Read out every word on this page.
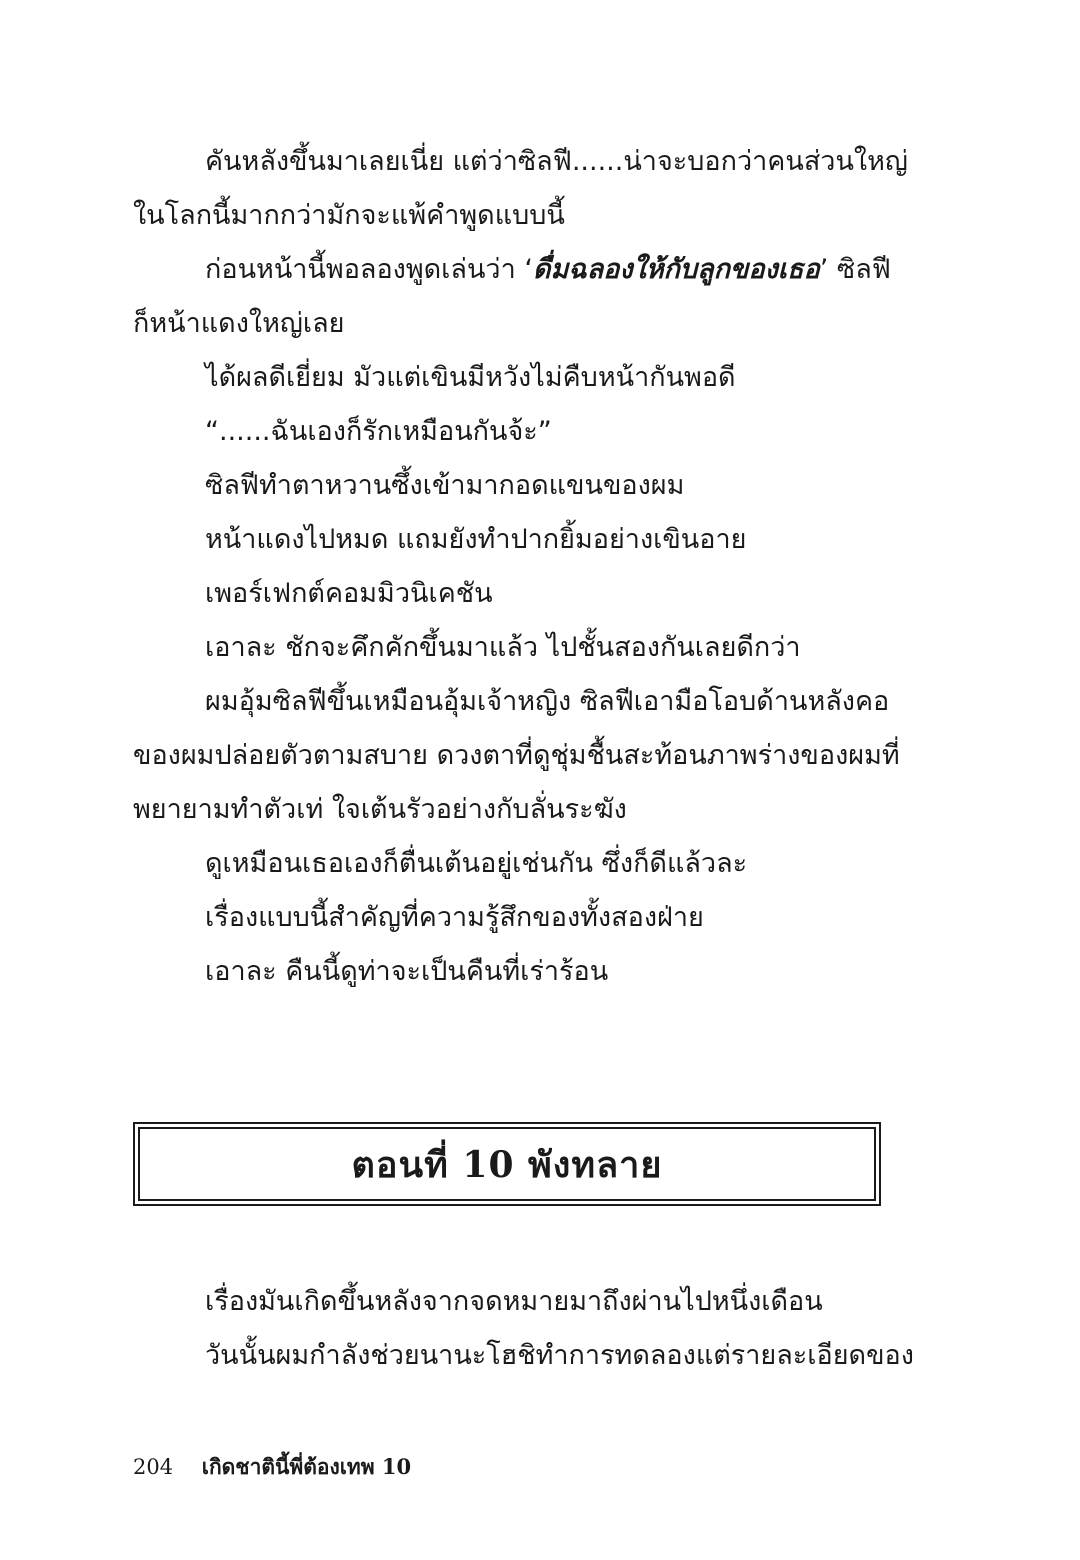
คันหลังขึ้นมาเลยเนี่ย แต่ว่าซิลฟี......น่าจะบอกว่าคนส่วนใหญ่
ในโลกนี้มากกว่ามักจะแพ้คำพูดแบบนี้
ก่อนหน้านี้พอลองพูดเล่นว่า ‘ดื่มฉลองให้กับลูกของเธอ’ ซิลฟี
ก็หน้าแดงใหญ่เลย
ได้ผลดีเยี่ยม มัวแต่เขินมีหวังไม่คืบหน้ากันพอดี
“......ฉันเองก็รักเหมือนกันจ้ะ”
ซิลฟีทำตาหวานซึ้งเข้ามากอดแขนของผม
หน้าแดงไปหมด แถมยังทำปากยิ้มอย่างเขินอาย
เพอร์เฟกต์คอมมิวนิเคชัน
เอาละ ชักจะคึกคักขึ้นมาแล้ว ไปชั้นสองกันเลยดีกว่า
ผมอุ้มซิลฟีขึ้นเหมือนอุ้มเจ้าหญิง ซิลฟีเอามือโอบด้านหลังคอ
ของผมปล่อยตัวตามสบาย ดวงตาที่ดูชุ่มชื้นสะท้อนภาพร่างของผมที่
พยายามทำตัวเท่ ใจเต้นรัวอย่างกับลั่นระฆัง
ดูเหมือนเธอเองก็ตื่นเต้นอยู่เช่นกัน ซึ่งก็ดีแล้วละ
เรื่องแบบนี้สำคัญที่ความรู้สึกของทั้งสองฝ่าย
เอาละ คืนนี้ดูท่าจะเป็นคืนที่เร่าร้อน
ตอนที่ 10 พังทลาย
เรื่องมันเกิดขึ้นหลังจากจดหมายมาถึงผ่านไปหนึ่งเดือน
วันนั้นผมกำลังช่วยนานะโฮชิทำการทดลองแต่รายละเอียดของ
204 เกิดชาตินี้พี่ต้องเทพ 10
